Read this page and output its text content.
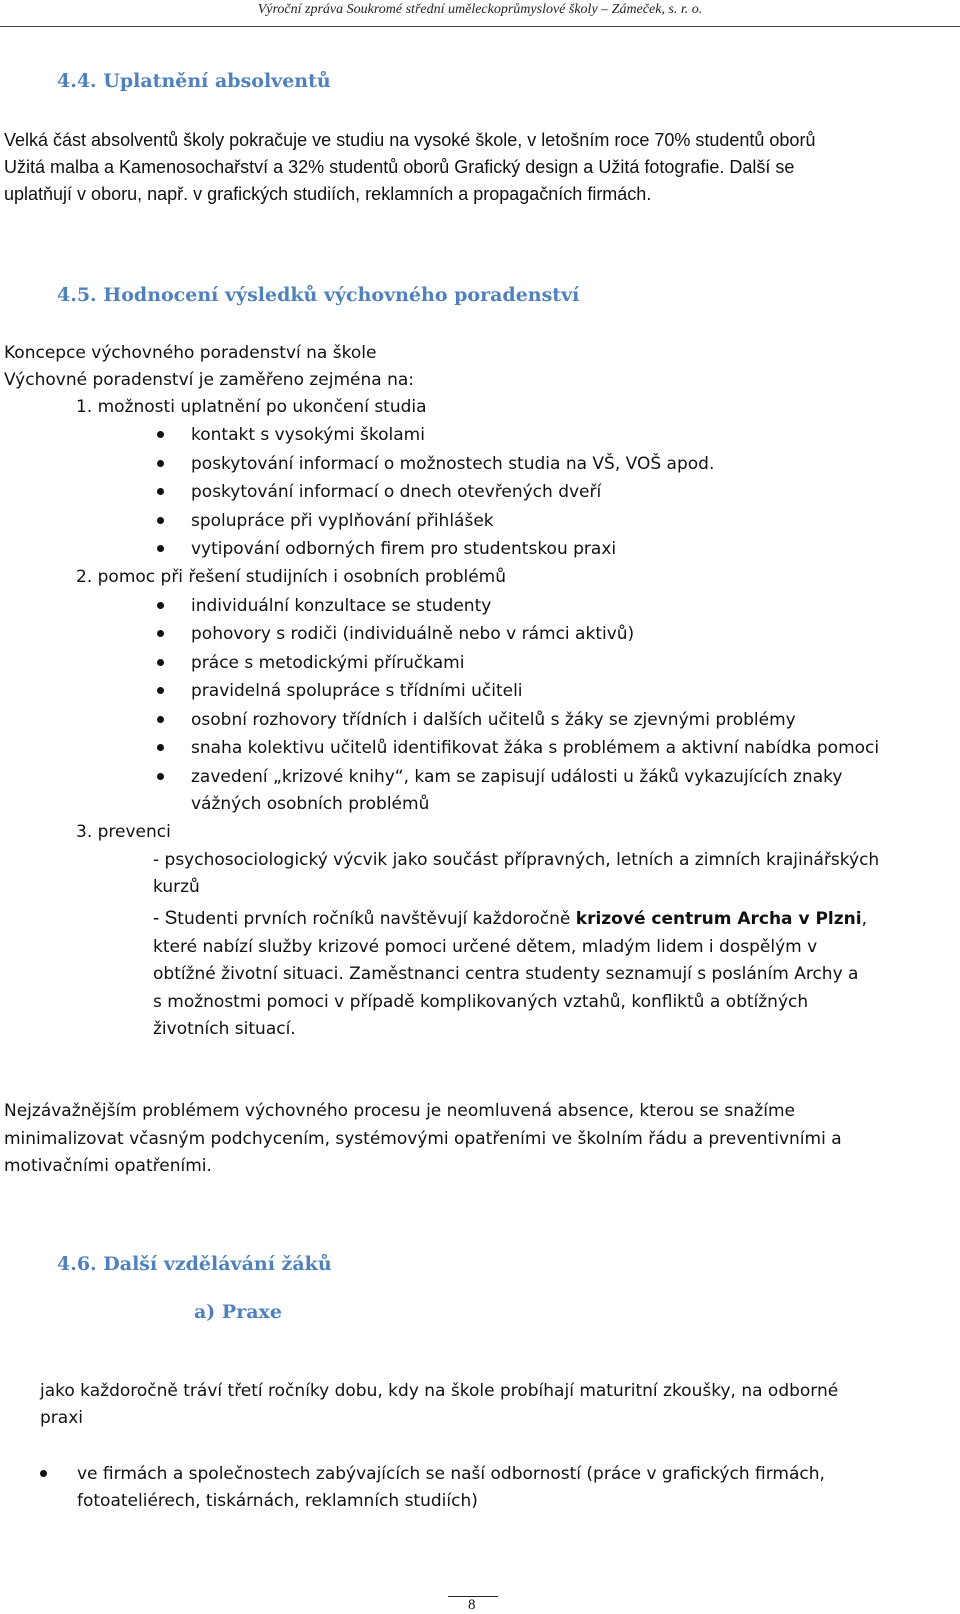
Výroční zpráva Soukromé střední uměleckoprůmyslové školy – Zámeček, s. r. o.
4.4. Uplatnění absolventů
Velká část absolventů školy pokračuje ve studiu na vysoké škole, v letošním roce 70% studentů oborů
Užitá malba a Kamenosochařství a 32% studentů oborů Grafický design a Užitá fotografie. Další se
uplatňují v oboru, např. v grafických studiích, reklamních a propagačních firmách.
4.5. Hodnocení výsledků výchovného poradenství
Koncepce výchovného poradenství na škole
Výchovné poradenství je zaměřeno zejména na:
1. možnosti uplatnění po ukončení studia
kontakt s vysokými školami
poskytování informací o možnostech studia na VŠ, VOŠ apod.
poskytování informací o dnech otevřených dveří
spolupráce při vyplňování přihlášek
vytipování odborných firem pro studentskou praxi
2. pomoc při řešení studijních i osobních problémů
individuální konzultace se studenty
pohovory s rodiči (individuálně nebo v rámci aktivů)
práce s metodickými příručkami
pravidelná spolupráce s třídními učiteli
osobní rozhovory třídních i dalších učitelů s žáky se zjevnými problémy
snaha kolektivu učitelů identifikovat žáka s problémem a aktivní nabídka pomoci
zavedení „krizové knihy“, kam se zapisují události u žáků vykazujících znaky
vážných osobních problémů
3. prevenci
- psychosociologický výcvik jako součást přípravných, letních a zimních krajinářských
kurzů
- Studenti prvních ročníků navštěvují každoročně krizové centrum Archa v Plzni,
které nabízí služby krizové pomoci určené dětem, mladým lidem i dospělým v
obtížné životní situaci. Zaměstnanci centra studenty seznamují s posláním Archy a
s možnostmi pomoci v případě komplikovaných vztahů, konfliktů a obtížných
životních situací.
Nejzávažnějším problémem výchovného procesu je neomluvená absence, kterou se snažíme
minimalizovat včasným podchycením, systémovými opatřeními ve školním řádu a preventivními a
motivačními opatřeními.
4.6. Další vzdělávání žáků
a) Praxe
jako každoročně tráví třetí ročníky dobu, kdy na škole probíhají maturitní zkoušky, na odborné
praxi
ve firmách a společnostech zabývajících se naší odborností (práce v grafických firmách,
fotoateliérech, tiskárnách, reklamních studiích)
8
